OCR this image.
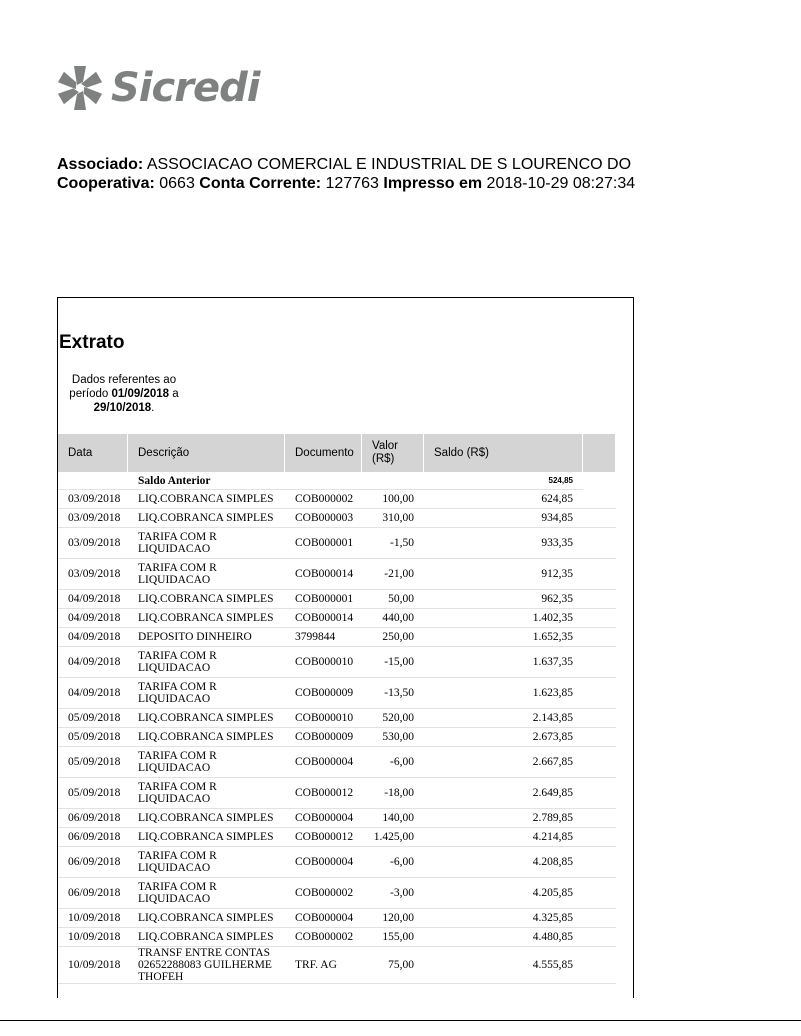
Sicredi
Associado: ASSOCIACAO COMERCIAL E INDUSTRIAL DE S LOURENCO DO
Cooperativa: 0663 Conta Corrente: 127763 Impresso em 2018-10-29 08:27:34
Extrato
Dados referentes ao
período 01/09/2018 a
29/10/2018.
Data	Descrição	Documento	Valor (R$)	Saldo (R$)	
	Saldo Anterior			524,85	
03/09/2018	LIQ.COBRANCA SIMPLES	COB000002	100,00	624,85	
03/09/2018	LIQ.COBRANCA SIMPLES	COB000003	310,00	934,85	
03/09/2018	TARIFA COM R LIQUIDACAO	COB000001	-1,50	933,35	
03/09/2018	TARIFA COM R LIQUIDACAO	COB000014	-21,00	912,35	
04/09/2018	LIQ.COBRANCA SIMPLES	COB000001	50,00	962,35	
04/09/2018	LIQ.COBRANCA SIMPLES	COB000014	440,00	1.402,35	
04/09/2018	DEPOSITO DINHEIRO	3799844	250,00	1.652,35	
04/09/2018	TARIFA COM R LIQUIDACAO	COB000010	-15,00	1.637,35	
04/09/2018	TARIFA COM R LIQUIDACAO	COB000009	-13,50	1.623,85	
05/09/2018	LIQ.COBRANCA SIMPLES	COB000010	520,00	2.143,85	
05/09/2018	LIQ.COBRANCA SIMPLES	COB000009	530,00	2.673,85	
05/09/2018	TARIFA COM R LIQUIDACAO	COB000004	-6,00	2.667,85	
05/09/2018	TARIFA COM R LIQUIDACAO	COB000012	-18,00	2.649,85	
06/09/2018	LIQ.COBRANCA SIMPLES	COB000004	140,00	2.789,85	
06/09/2018	LIQ.COBRANCA SIMPLES	COB000012	1.425,00	4.214,85	
06/09/2018	TARIFA COM R LIQUIDACAO	COB000004	-6,00	4.208,85	
06/09/2018	TARIFA COM R LIQUIDACAO	COB000002	-3,00	4.205,85	
10/09/2018	LIQ.COBRANCA SIMPLES	COB000004	120,00	4.325,85	
10/09/2018	LIQ.COBRANCA SIMPLES	COB000002	155,00	4.480,85	
10/09/2018	TRANSF ENTRE CONTAS 02652288083 GUILHERME THOFEH	TRF. AG	75,00	4.555,85	
